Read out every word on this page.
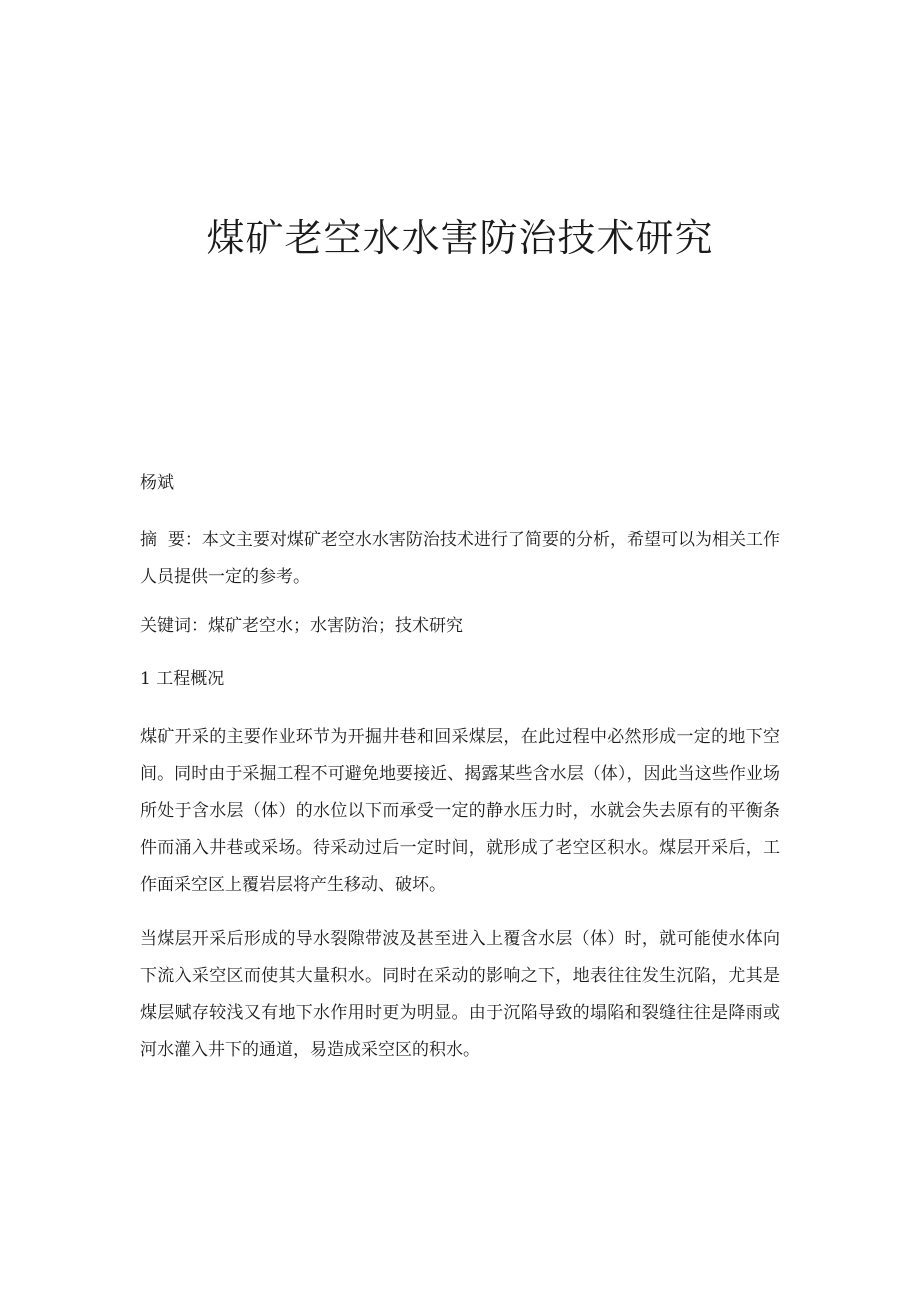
煤矿老空水水害防治技术研究

杨斌

摘  要：本文主要对煤矿老空水水害防治技术进行了简要的分析，希望可以为相关工作人员提供一定的参考。

关键词：煤矿老空水；水害防治；技术研究

1 工程概况

煤矿开采的主要作业环节为开掘井巷和回采煤层，在此过程中必然形成一定的地下空间。同时由于采掘工程不可避免地要接近、揭露某些含水层（体），因此当这些作业场所处于含水层（体）的水位以下而承受一定的静水压力时，水就会失去原有的平衡条件而涌入井巷或采场。待采动过后一定时间，就形成了老空区积水。煤层开采后，工作面采空区上覆岩层将产生移动、破坏。

当煤层开采后形成的导水裂隙带波及甚至进入上覆含水层（体）时，就可能使水体向下流入采空区而使其大量积水。同时在采动的影响之下，地表往往发生沉陷，尤其是煤层赋存较浅又有地下水作用时更为明显。由于沉陷导致的塌陷和裂缝往往是降雨或河水灌入井下的通道，易造成采空区的积水。
